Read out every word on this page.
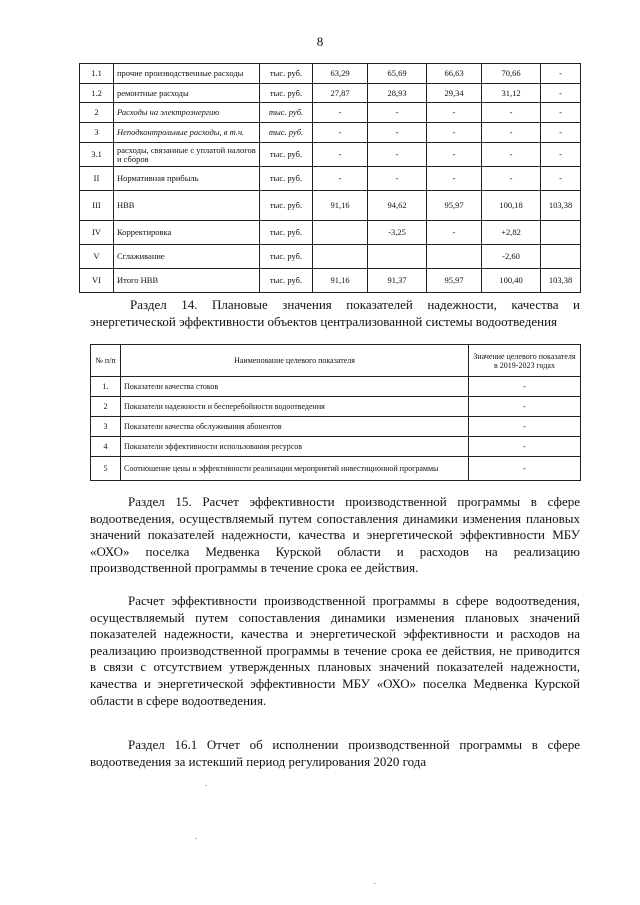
8
1.1	прочие производственные расходы	тыс. руб.	63,29	65,69	66,63	70,66	-
1.2	ремонтные расходы	тыс. руб.	27,87	28,93	29,34	31,12	-
2	Расходы на электроэнергию	тыс. руб.	-	-	-	-	-
3	Неподконтрольные расходы, в т.ч.	тыс. руб.	-	-	-	-	-
3.1	расходы, связанные с уплатой налогов и сборов	тыс. руб.	-	-	-	-	-
II	Нормативная прибыль	тыс. руб.	-	-	-	-	-
III	НВВ	тыс. руб.	91,16	94,62	95,97	100,18	103,38
IV	Корректировка	тыс. руб.		-3,25	-	+2,82	
V	Сглаживание	тыс. руб.				-2,60	
VI	Итого НВВ	тыс. руб.	91,16	91,37	95,97	100,40	103,38
Раздел 14. Плановые значения показателей надежности, качества и энергетической эффективности объектов централизованной системы водоотведения
№ п/п	Наименование целевого показателя	Значение целевого показателя в 2019-2023 годах
1.	Показатели качества стоков	-
2	Показатели надежности и бесперебойности водоотведения	-
3	Показатели качества обслуживания абонентов	-
4	Показатели эффективности использования ресурсов	-
5	Соотношение цены и эффективности реализации мероприятий инвестиционной программы	-
Раздел 15. Расчет эффективности производственной программы в сфере водоотведения, осуществляемый путем сопоставления динамики изменения плановых значений показателей надежности, качества и энергетической эффективности МБУ «ОХО» поселка Медвенка Курской области и расходов на реализацию производственной программы в течение срока ее действия.
Расчет эффективности производственной программы в сфере водоотведения, осуществляемый путем сопоставления динамики изменения плановых значений показателей надежности, качества и энергетической эффективности и расходов на реализацию производственной программы в течение срока ее действия, не приводится в связи с отсутствием утвержденных плановых значений показателей надежности, качества и энергетической эффективности МБУ «ОХО» поселка Медвенка Курской области в сфере водоотведения.
Раздел 16.1 Отчет об исполнении производственной программы в сфере водоотведения за истекший период регулирования 2020 года
